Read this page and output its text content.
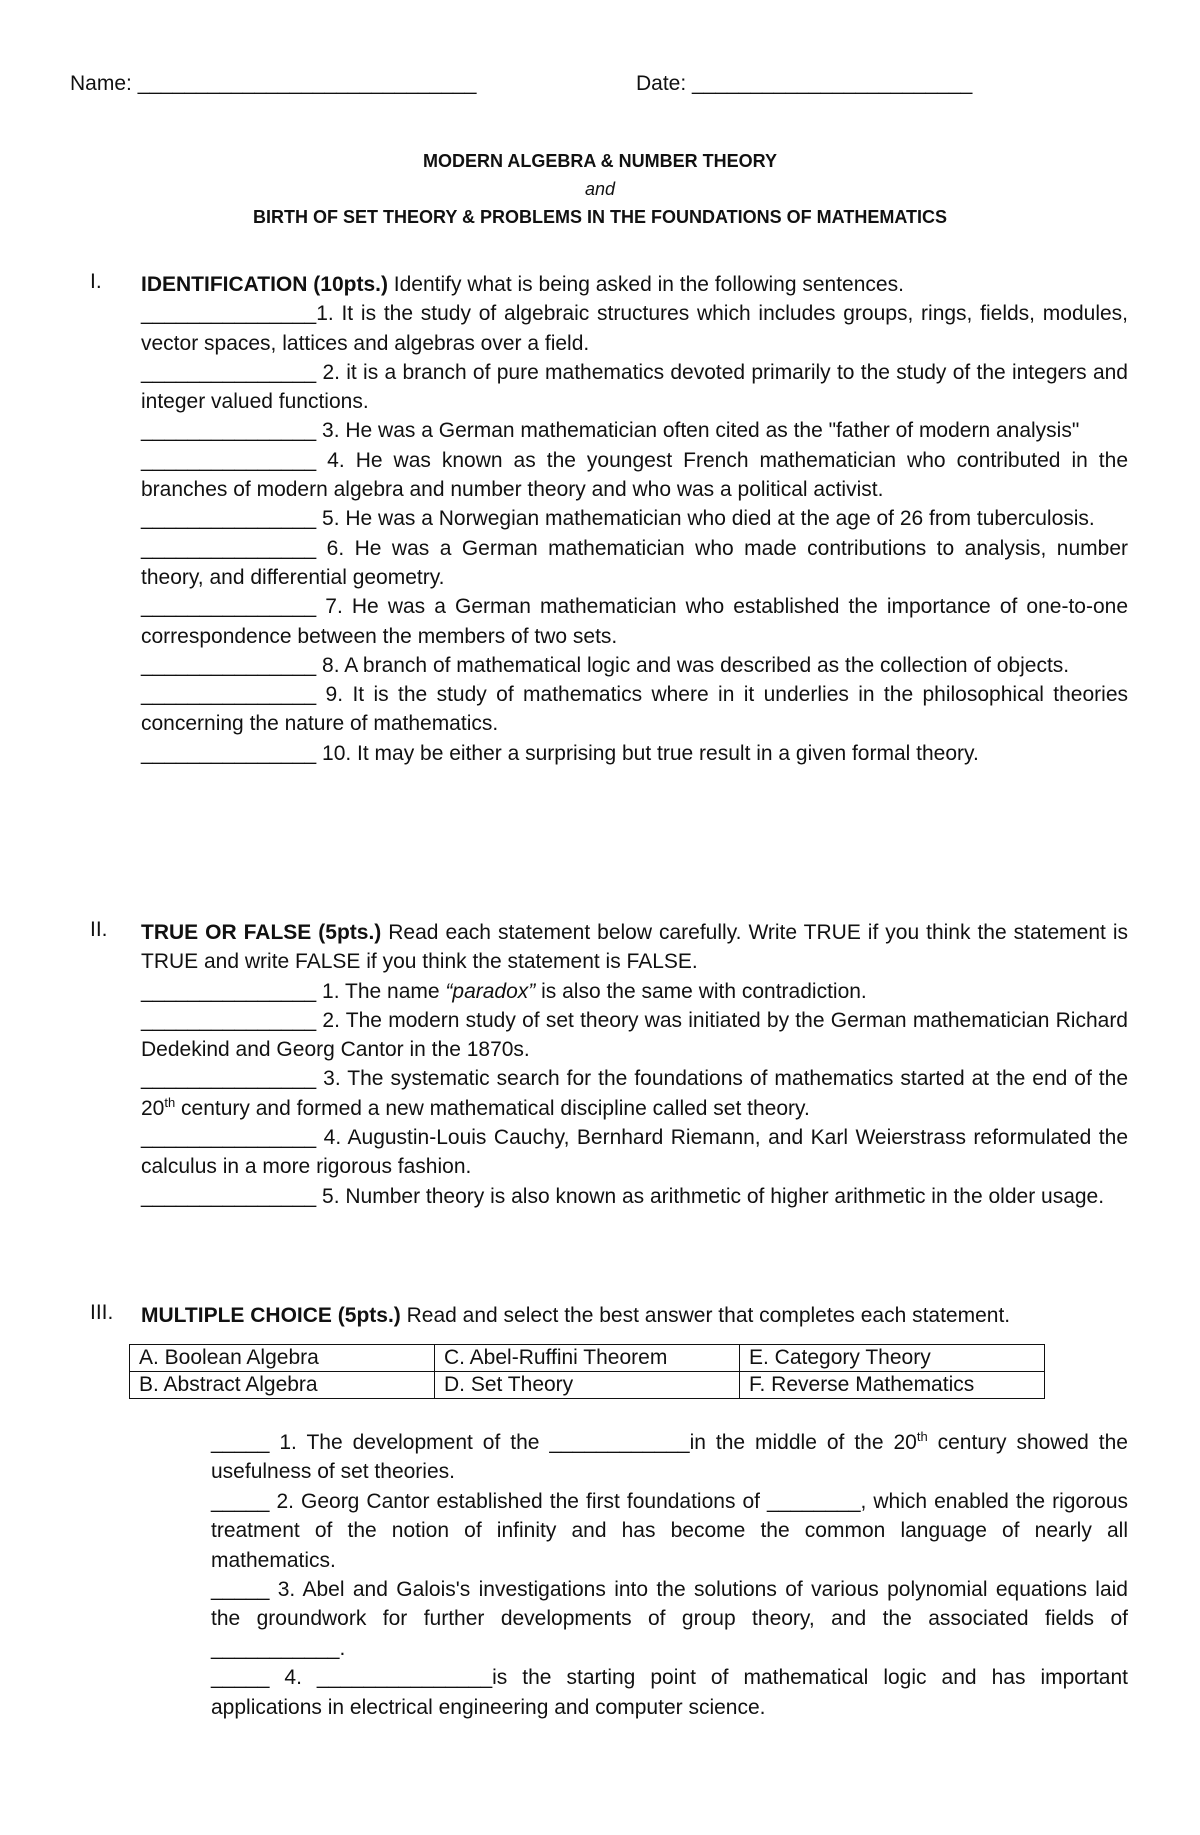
Name: _____________________________	Date: ________________________
MODERN ALGEBRA & NUMBER THEORY
and
BIRTH OF SET THEORY & PROBLEMS IN THE FOUNDATIONS OF MATHEMATICS
I. IDENTIFICATION (10pts.) Identify what is being asked in the following sentences.
_______________1. It is the study of algebraic structures which includes groups, rings, fields, modules, vector spaces, lattices and algebras over a field.
_______________ 2. it is a branch of pure mathematics devoted primarily to the study of the integers and integer valued functions.
_______________ 3. He was a German mathematician often cited as the "father of modern analysis"
_______________ 4. He was known as the youngest French mathematician who contributed in the branches of modern algebra and number theory and who was a political activist.
_______________ 5. He was a Norwegian mathematician who died at the age of 26 from tuberculosis.
_______________ 6. He was a German mathematician who made contributions to analysis, number theory, and differential geometry.
_______________ 7. He was a German mathematician who established the importance of one-to-one correspondence between the members of two sets.
_______________ 8. A branch of mathematical logic and was described as the collection of objects.
_______________ 9. It is the study of mathematics where in it underlies in the philosophical theories concerning the nature of mathematics.
_______________ 10. It may be either a surprising but true result in a given formal theory.
II. TRUE OR FALSE (5pts.) Read each statement below carefully. Write TRUE if you think the statement is TRUE and write FALSE if you think the statement is FALSE.
_______________ 1. The name “paradox” is also the same with contradiction.
_______________ 2. The modern study of set theory was initiated by the German mathematician Richard Dedekind and Georg Cantor in the 1870s.
_______________ 3. The systematic search for the foundations of mathematics started at the end of the 20th century and formed a new mathematical discipline called set theory.
_______________ 4. Augustin-Louis Cauchy, Bernhard Riemann, and Karl Weierstrass reformulated the calculus in a more rigorous fashion.
_______________ 5. Number theory is also known as arithmetic of higher arithmetic in the older usage.
III. MULTIPLE CHOICE (5pts.) Read and select the best answer that completes each statement.
A. Boolean Algebra	C. Abel-Ruffini Theorem	E. Category Theory
B. Abstract Algebra	D. Set Theory	F. Reverse Mathematics
_____ 1. The development of the ____________in the middle of the 20th century showed the usefulness of set theories.
_____ 2. Georg Cantor established the first foundations of ________, which enabled the rigorous treatment of the notion of infinity and has become the common language of nearly all mathematics.
_____ 3. Abel and Galois's investigations into the solutions of various polynomial equations laid the groundwork for further developments of group theory, and the associated fields of ___________.
_____ 4. _______________is the starting point of mathematical logic and has important applications in electrical engineering and computer science.
